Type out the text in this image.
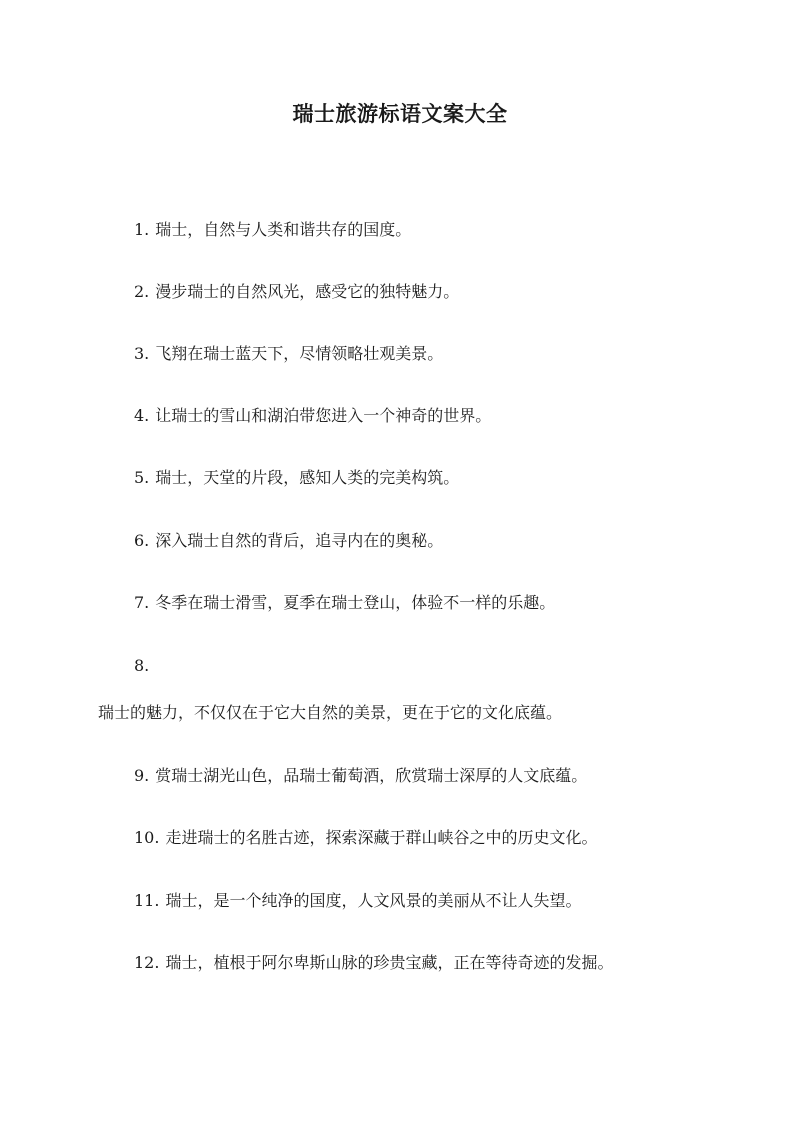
瑞士旅游标语文案大全

1. 瑞士，自然与人类和谐共存的国度。

2. 漫步瑞士的自然风光，感受它的独特魅力。

3. 飞翔在瑞士蓝天下，尽情领略壮观美景。

4. 让瑞士的雪山和湖泊带您进入一个神奇的世界。

5. 瑞士，天堂的片段，感知人类的完美构筑。

6. 深入瑞士自然的背后，追寻内在的奥秘。

7. 冬季在瑞士滑雪，夏季在瑞士登山，体验不一样的乐趣。

8.

瑞士的魅力，不仅仅在于它大自然的美景，更在于它的文化底蕴。

9. 赏瑞士湖光山色，品瑞士葡萄酒，欣赏瑞士深厚的人文底蕴。

10. 走进瑞士的名胜古迹，探索深藏于群山峡谷之中的历史文化。

11. 瑞士，是一个纯净的国度，人文风景的美丽从不让人失望。

12. 瑞士，植根于阿尔卑斯山脉的珍贵宝藏，正在等待奇迹的发掘。
